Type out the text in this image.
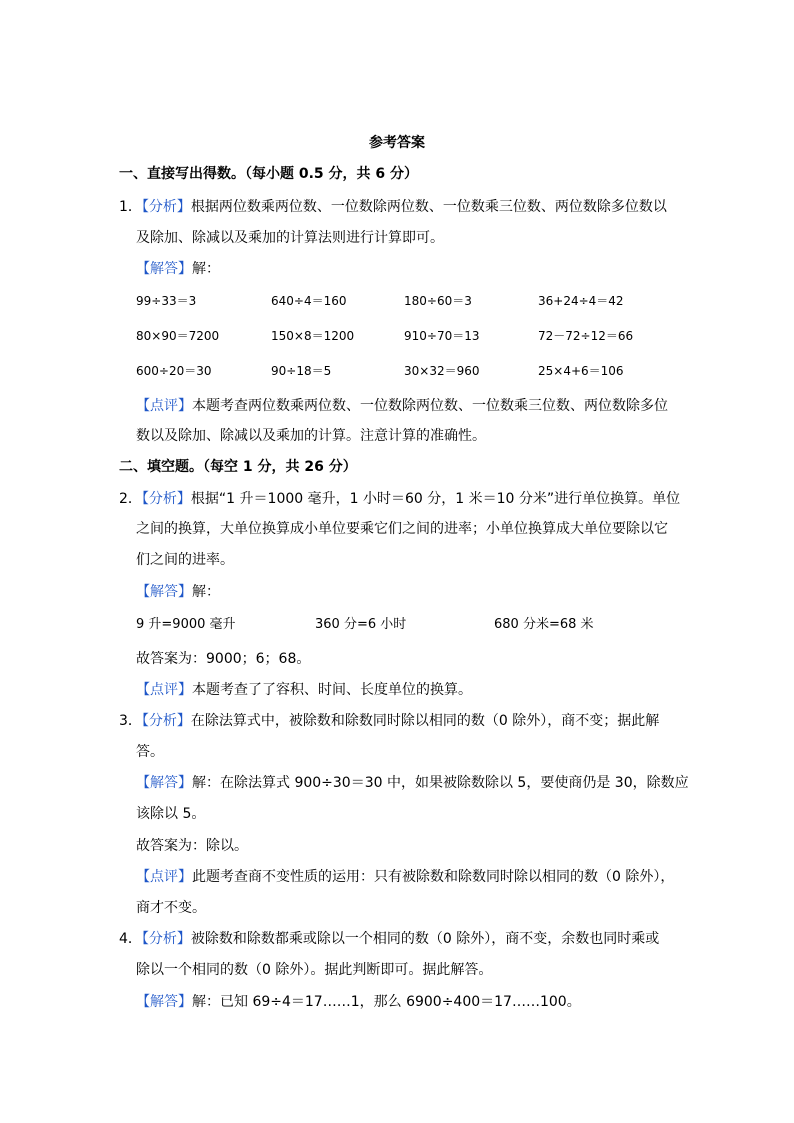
参考答案
一、直接写出得数。（每小题 0.5 分，共 6 分）
1．【分析】根据两位数乘两位数、一位数除两位数、一位数乘三位数、两位数除多位数以
及除加、除减以及乘加的计算法则进行计算即可。
【解答】解：
99÷33＝3	640÷4＝160	180÷60＝3	36+24÷4＝42
80×90＝7200	150×8＝1200	910÷70＝13	72－72÷12＝66
600÷20＝30	90÷18＝5	30×32＝960	25×4+6＝106
【点评】本题考查两位数乘两位数、一位数除两位数、一位数乘三位数、两位数除多位
数以及除加、除减以及乘加的计算。注意计算的准确性。
二、填空题。（每空 1 分，共 26 分）
2．【分析】根据“1 升＝1000 毫升，1 小时＝60 分，1 米＝10 分米”进行单位换算。单位
之间的换算，大单位换算成小单位要乘它们之间的进率；小单位换算成大单位要除以它
们之间的进率。
【解答】解：
9 升=9000 毫升	360 分=6 小时	680 分米=68 米
故答案为：9000；6；68。
【点评】本题考查了了容积、时间、长度单位的换算。
3．【分析】在除法算式中，被除数和除数同时除以相同的数（0 除外），商不变；据此解
答。
【解答】解：在除法算式 900÷30＝30 中，如果被除数除以 5，要使商仍是 30，除数应
该除以 5。
故答案为：除以。
【点评】此题考查商不变性质的运用：只有被除数和除数同时除以相同的数（0 除外），
商才不变。
4．【分析】被除数和除数都乘或除以一个相同的数（0 除外），商不变，余数也同时乘或
除以一个相同的数（0 除外）。据此判断即可。据此解答。
【解答】解：已知 69÷4＝17……1，那么 6900÷400＝17……100。
